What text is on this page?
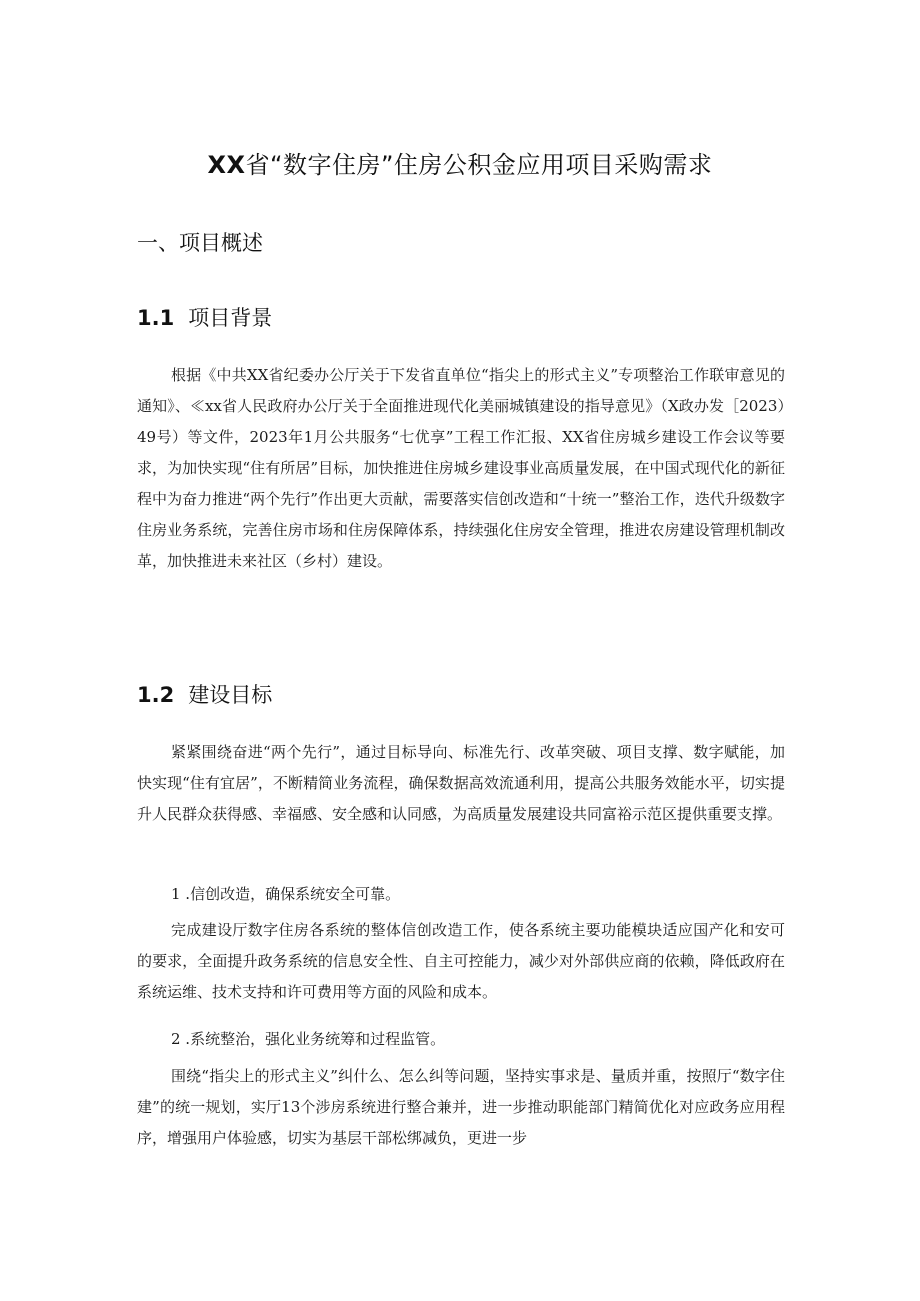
XX省“数字住房”住房公积金应用项目采购需求
一、项目概述
1.1 项目背景
根据《中共XX省纪委办公厅关于下发省直单位“指尖上的形式主义”专项整治工作联审意见的通知》、≪xx省人民政府办公厅关于全面推进现代化美丽城镇建设的指导意见》（X政办发［2023）49号）等文件，2023年1月公共服务“七优享”工程工作汇报、XX省住房城乡建设工作会议等要求，为加快实现“住有所居”目标，加快推进住房城乡建设事业高质量发展，在中国式现代化的新征程中为奋力推进“两个先行”作出更大贡献，需要落实信创改造和“十统一”整治工作，迭代升级数字住房业务系统，完善住房市场和住房保障体系，持续强化住房安全管理，推进农房建设管理机制改革，加快推进未来社区（乡村）建设。
1.2 建设目标
紧紧围绕奋进“两个先行”，通过目标导向、标准先行、改革突破、项目支撑、数字赋能，加快实现“住有宜居”，不断精简业务流程，确保数据高效流通利用，提高公共服务效能水平，切实提升人民群众获得感、幸福感、安全感和认同感，为高质量发展建设共同富裕示范区提供重要支撑。
1 .信创改造，确保系统安全可靠。
完成建设厅数字住房各系统的整体信创改造工作，使各系统主要功能模块适应国产化和安可的要求，全面提升政务系统的信息安全性、自主可控能力，减少对外部供应商的依赖，降低政府在系统运维、技术支持和许可费用等方面的风险和成本。
2 .系统整治，强化业务统筹和过程监管。
围绕“指尖上的形式主义”纠什么、怎么纠等问题，坚持实事求是、量质并重，按照厅“数字住建”的统一规划，实厅13个涉房系统进行整合兼并，进一步推动职能部门精简优化对应政务应用程序，增强用户体验感，切实为基层干部松绑减负，更进一步
